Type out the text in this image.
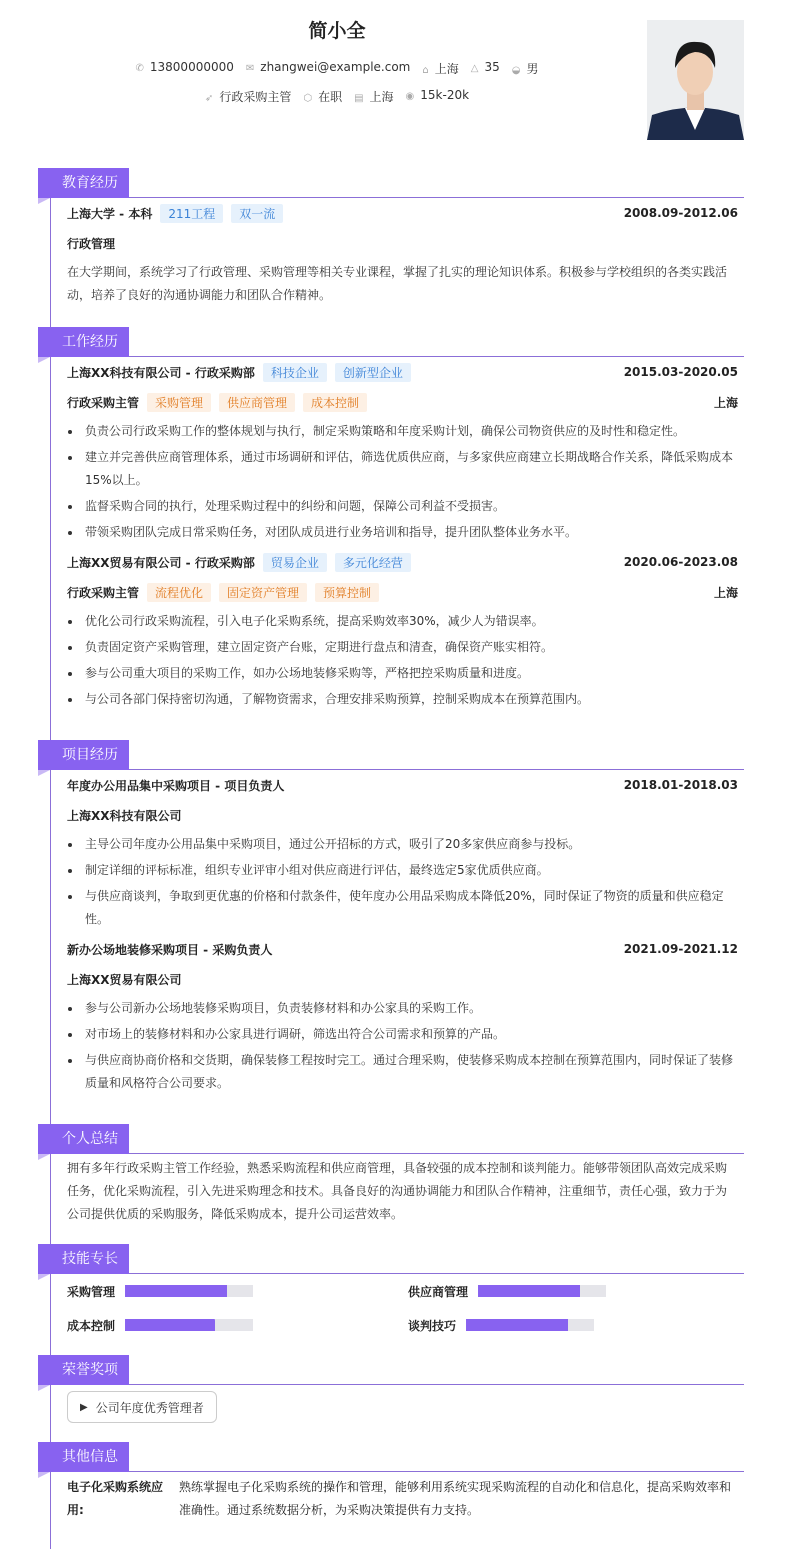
简小全
✆ 13800000000 ✉ zhangwei@example.com ⌂ 上海 △ 35 ◒ 男
➶ 行政采购主管 ⬡ 在职 ▤ 上海 ◉ 15k-20k
教育经历
上海大学 - 本科	211工程	双一流	2008.09-2012.06
行政管理
在大学期间，系统学习了行政管理、采购管理等相关专业课程，掌握了扎实的理论知识体系。积极参与学校组织的各类实践活动，培养了良好的沟通协调能力和团队合作精神。
工作经历
上海XX科技有限公司 - 行政采购部	科技企业	创新型企业	2015.03-2020.05
行政采购主管	采购管理	供应商管理	成本控制	上海
负责公司行政采购工作的整体规划与执行，制定采购策略和年度采购计划，确保公司物资供应的及时性和稳定性。
建立并完善供应商管理体系，通过市场调研和评估，筛选优质供应商，与多家供应商建立长期战略合作关系，降低采购成本15%以上。
监督采购合同的执行，处理采购过程中的纠纷和问题，保障公司利益不受损害。
带领采购团队完成日常采购任务，对团队成员进行业务培训和指导，提升团队整体业务水平。
上海XX贸易有限公司 - 行政采购部	贸易企业	多元化经营	2020.06-2023.08
行政采购主管	流程优化	固定资产管理	预算控制	上海
优化公司行政采购流程，引入电子化采购系统，提高采购效率30%，减少人为错误率。
负责固定资产采购管理，建立固定资产台账，定期进行盘点和清查，确保资产账实相符。
参与公司重大项目的采购工作，如办公场地装修采购等，严格把控采购质量和进度。
与公司各部门保持密切沟通，了解物资需求，合理安排采购预算，控制采购成本在预算范围内。
项目经历
年度办公用品集中采购项目 - 项目负责人	2018.01-2018.03
上海XX科技有限公司
主导公司年度办公用品集中采购项目，通过公开招标的方式，吸引了20多家供应商参与投标。
制定详细的评标标准，组织专业评审小组对供应商进行评估，最终选定5家优质供应商。
与供应商谈判，争取到更优惠的价格和付款条件，使年度办公用品采购成本降低20%，同时保证了物资的质量和供应稳定性。
新办公场地装修采购项目 - 采购负责人	2021.09-2021.12
上海XX贸易有限公司
参与公司新办公场地装修采购项目，负责装修材料和办公家具的采购工作。
对市场上的装修材料和办公家具进行调研，筛选出符合公司需求和预算的产品。
与供应商协商价格和交货期，确保装修工程按时完工。通过合理采购，使装修采购成本控制在预算范围内，同时保证了装修质量和风格符合公司要求。
个人总结
拥有多年行政采购主管工作经验，熟悉采购流程和供应商管理，具备较强的成本控制和谈判能力。能够带领团队高效完成采购任务，优化采购流程，引入先进采购理念和技术。具备良好的沟通协调能力和团队合作精神，注重细节，责任心强，致力于为公司提供优质的采购服务，降低采购成本，提升公司运营效率。
技能专长
采购管理	供应商管理
成本控制	谈判技巧
荣誉奖项
▶ 公司年度优秀管理者
其他信息
电子化采购系统应用:
熟练掌握电子化采购系统的操作和管理，能够利用系统实现采购流程的自动化和信息化，提高采购效率和准确性。通过系统数据分析，为采购决策提供有力支持。
